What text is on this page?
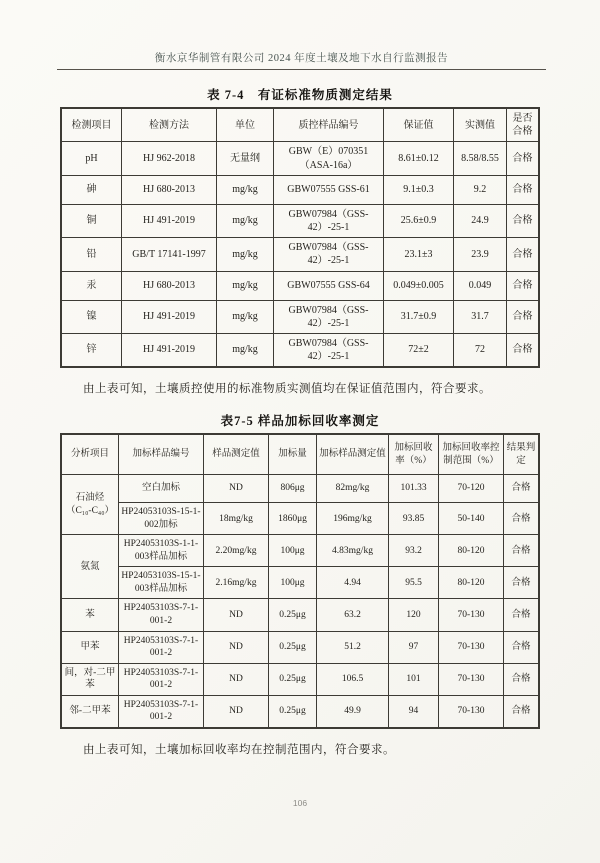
衡水京华制管有限公司 2024 年度土壤及地下水自行监测报告
表 7-4　有证标准物质测定结果
检测项目	检测方法	单位	质控样品编号	保证值	实测值	是否合格
pH	HJ 962-2018	无量纲	GBW（E）070351（ASA-16a）	8.61±0.12	8.58/8.55	合格
砷	HJ 680-2013	mg/kg	GBW07555 GSS-61	9.1±0.3	9.2	合格
铜	HJ 491-2019	mg/kg	GBW07984（GSS-42）-25-1	25.6±0.9	24.9	合格
铅	GB/T 17141-1997	mg/kg	GBW07984（GSS-42）-25-1	23.1±3	23.9	合格
汞	HJ 680-2013	mg/kg	GBW07555 GSS-64	0.049±0.005	0.049	合格
镍	HJ 491-2019	mg/kg	GBW07984（GSS-42）-25-1	31.7±0.9	31.7	合格
锌	HJ 491-2019	mg/kg	GBW07984（GSS-42）-25-1	72±2	72	合格

由上表可知，土壤质控使用的标准物质实测值均在保证值范围内，符合要求。

表7-5 样品加标回收率测定
分析项目	加标样品编号	样品测定值	加标量	加标样品测定值	加标回收率（%）	加标回收率控制范围（%）	结果判定
石油烃（C₁₀-C₄₀）	空白加标	ND	806μg	82mg/kg	101.33	70-120	合格
	HP24053103S-15-1-002加标	18mg/kg	1860μg	196mg/kg	93.85	50-140	合格
氨氮	HP24053103S-1-1-003样品加标	2.20mg/kg	100μg	4.83mg/kg	93.2	80-120	合格
	HP24053103S-15-1-003样品加标	2.16mg/kg	100μg	4.94	95.5	80-120	合格
苯	HP24053103S-7-1-001-2	ND	0.25μg	63.2	120	70-130	合格
甲苯	HP24053103S-7-1-001-2	ND	0.25μg	51.2	97	70-130	合格
间，对-二甲苯	HP24053103S-7-1-001-2	ND	0.25μg	106.5	101	70-130	合格
邻-二甲苯	HP24053103S-7-1-001-2	ND	0.25μg	49.9	94	70-130	合格

由上表可知，土壤加标回收率均在控制范围内，符合要求。

106
